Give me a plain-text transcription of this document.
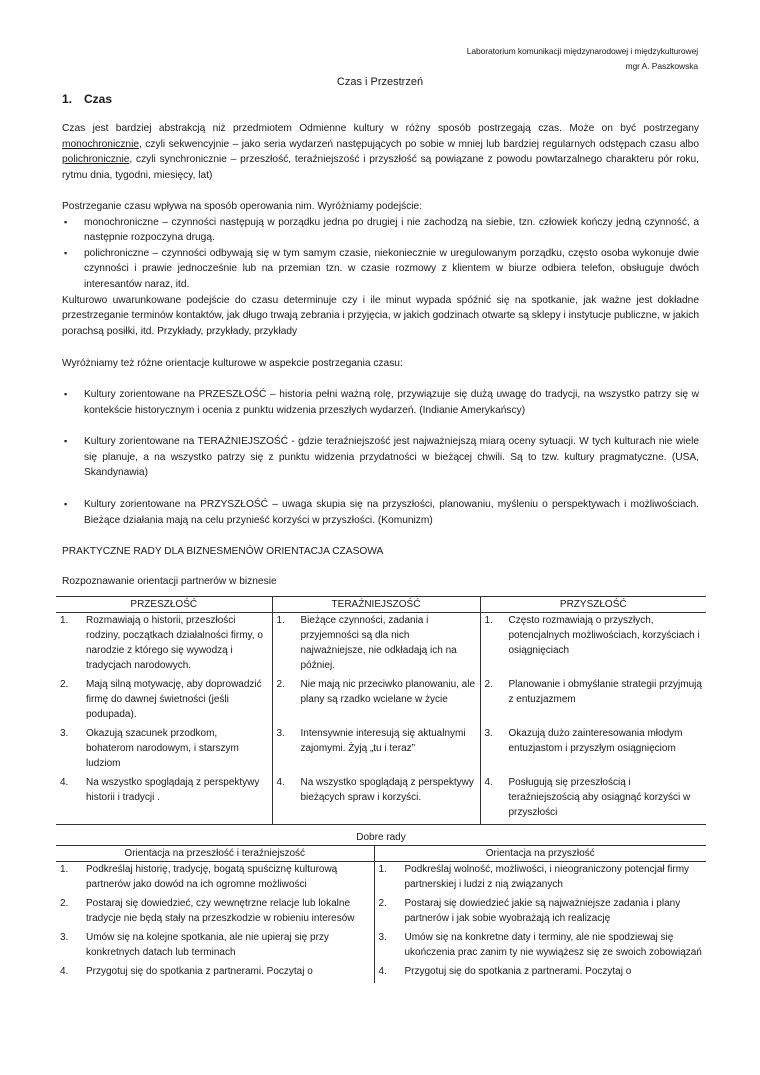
Laboratorium komunikacji międzynarodowej i międzykulturowej
mgr A. Paszkowska
Czas i Przestrzeń
1. Czas
Czas jest bardziej abstrakcją niż przedmiotem Odmienne kultury w różny sposób postrzegają czas. Może on być postrzegany monochronicznie, czyli sekwencyjnie – jako seria wydarzeń następujących po sobie w mniej lub bardziej regularnych odstępach czasu albo polichronicznie, czyli synchronicznie – przeszłość, teraźniejszość i przyszłość są powiązane z powodu powtarzalnego charakteru pór roku, rytmu dnia, tygodni, miesięcy, lat)
Postrzeganie czasu wpływa na sposób operowania nim. Wyróżniamy podejście:
▪ monochroniczne – czynności następują w porządku jedna po drugiej i nie zachodzą na siebie, tzn. człowiek kończy jedną czynność, a następnie rozpoczyna drugą.
▪ polichroniczne – czynności odbywają się w tym samym czasie, niekoniecznie w uregulowanym porządku, często osoba wykonuje dwie czynności i prawie jednocześnie lub na przemian tzn. w czasie rozmowy z klientem w biurze odbiera telefon, obsługuje dwóch interesantów naraz, itd.
Kulturowo uwarunkowane podejście do czasu determinuje czy i ile minut wypada spóźnić się na spotkanie, jak ważne jest dokładne przestrzeganie terminów kontaktów, jak długo trwają zebrania i przyjęcia, w jakich godzinach otwarte są sklepy i instytucje publiczne, w jakich porachsą posiłki, itd. Przykłady, przykłady, przykłady
Wyróżniamy też różne orientacje kulturowe w aspekcie postrzegania czasu:
▪ Kultury zorientowane na PRZESZŁOŚĆ – historia pełni ważną rolę, przywiązuje się dużą uwagę do tradycji, na wszystko patrzy się w kontekście historycznym i ocenia z punktu widzenia przeszłych wydarzeń. (Indianie Amerykańscy)
▪ Kultury zorientowane na TERAŹNIEJSZOŚĆ - gdzie teraźniejszość jest najważniejszą miarą oceny sytuacji. W tych kulturach nie wiele się planuje, a na wszystko patrzy się z punktu widzenia przydatności w bieżącej chwili. Są to tzw. kultury pragmatyczne. (USA, Skandynawia)
▪ Kultury zorientowane na PRZYSZŁOŚĆ – uwaga skupia się na przyszłości, planowaniu, myśleniu o perspektywach i możliwościach. Bieżące działania mają na celu przynieść korzyści w przyszłości. (Komunizm)
PRAKTYCZNE RADY DLA BIZNESMENÓW ORIENTACJA CZASOWA
Rozpoznawanie orientacji partnerów w biznesie
PRZESZŁOŚĆ	TERAŹNIEJSZOŚĆ	PRZYSZŁOŚĆ

1. Rozmawiają o historii, przeszłości rodziny, początkach działalności firmy, o narodzie z którego się wywodzą i tradycjach narodowych.	1. Bieżące czynności, zadania i przyjemności są dla nich najważniejsze, nie odkładają ich na później.	1. Często rozmawiają o przyszłych, potencjalnych możliwościach, korzyściach i osiągnięciach

2. Mają silną motywację, aby doprowadzić firmę do dawnej świetności (jeśli podupada).	2. Nie mają nic przeciwko planowaniu, ale plany są rzadko wcielane w życie	2. Planowanie i obmyślanie strategii przyjmują z entuzjazmem

3. Okazują szacunek przodkom, bohaterom narodowym, i starszym ludziom	3. Intensywnie interesują się aktualnymi zajomymi. Żyją „tu i teraz”	3. Okazują dużo zainteresowania młodym entuzjastom i przyszłym osiągnięciom

4. Na wszystko spoglądają z perspektywy historii i tradycji .	4. Na wszystko spoglądają z perspektywy bieżących spraw i korzyści.	4. Posługują się przeszłością i teraźniejszością aby osiągnąć korzyści w przyszłości
Dobre rady	
Orientacja na przeszłość i teraźniejszość	Orientacja na przyszłość

1. Podkreślaj historię, tradycję, bogatą spuściznę kulturową partnerów jako dowód na ich ogromne możliwości	1. Podkreślaj wolność, możliwości, i nieograniczony potencjał firmy partnerskiej i ludzi z nią związanych

2. Postaraj się dowiedzieć, czy wewnętrzne relacje lub lokalne tradycje nie będą stały na przeszkodzie w robieniu interesów	2. Postaraj się dowiedzieć jakie są najważniejsze zadania i plany partnerów i jak sobie wyobrażają ich realizację

3. Umów się na kolejne spotkania, ale nie upieraj się przy konkretnych datach lub terminach	3. Umów się na konkretne daty i terminy, ale nie spodziewaj się ukończenia prac zanim ty nie wywiążesz się ze swoich zobowiązań

4. Przygotuj się do spotkania z partnerami. Poczytaj o	4. Przygotuj się do spotkania z partnerami. Poczytaj o
